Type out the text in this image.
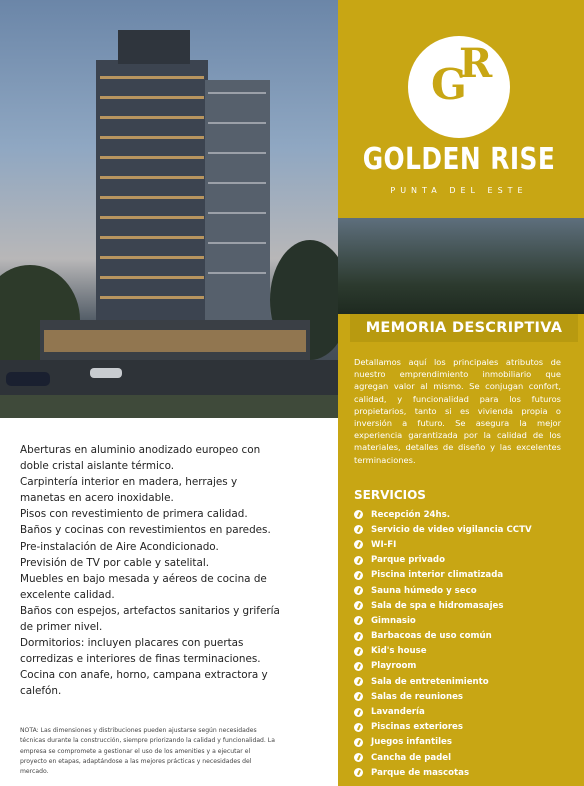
G
R
GOLDEN RISE
PUNTA DEL ESTE
MEMORIA DESCRIPTIVA

Detallamos aquí los principales atributos de nuestro emprendimiento inmobiliario que agregan valor al mismo. Se conjugan confort, calidad, y funcionalidad para los futuros propietarios, tanto si es vivienda propia o inversión a futuro. Se asegura la mejor experiencia garantizada por la calidad de los materiales, detalles de diseño y las excelentes terminaciones.

SERVICIOS
Recepción 24hs.
Servicio de video vigilancia CCTV
WI-FI
Parque privado
Piscina interior climatizada
Sauna húmedo y seco
Sala de spa e hidromasajes
Gimnasio
Barbacoas de uso común
Kid's house
Playroom
Sala de entretenimiento
Salas de reuniones
Lavandería
Piscinas exteriores
Juegos infantiles
Cancha de padel
Parque de mascotas
Aberturas en aluminio anodizado europeo con
doble cristal aislante térmico.
Carpintería interior en madera, herrajes y
manetas en acero inoxidable.
Pisos con revestimiento de primera calidad.
Baños y cocinas con revestimientos en paredes.
Pre-instalación de Aire Acondicionado.
Previsión de TV por cable y satelital.
Muebles en bajo mesada y aéreos de cocina de
excelente calidad.
Baños con espejos, artefactos sanitarios y grifería
de primer nivel.
Dormitorios: incluyen placares con puertas
corredizas e interiores de finas terminaciones.
Cocina con anafe, horno, campana extractora y
calefón.

NOTA: Las dimensiones y distribuciones pueden ajustarse según necesidades técnicas durante la construcción, siempre priorizando la calidad y funcionalidad. La empresa se compromete a gestionar el uso de los amenities y a ejecutar el proyecto en etapas, adaptándose a las mejores prácticas y necesidades del mercado.
